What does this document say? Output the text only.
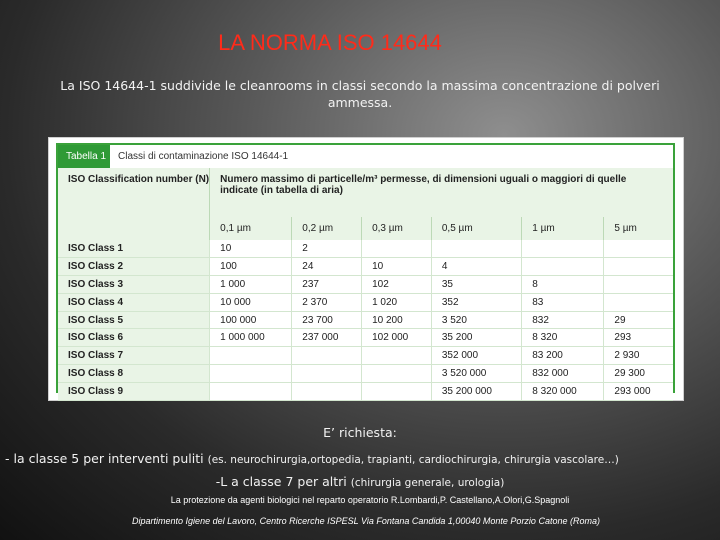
LA NORMA ISO 14644
La ISO 14644-1 suddivide le cleanrooms in classi secondo la massima concentrazione di polveri ammessa.
Tabella 1	Classi di contaminazione ISO 14644-1
ISO Classification number (N)	Numero massimo di particelle/m³ permesse, di dimensioni uguali o maggiori di quelle indicate (in tabella di aria)					
	0,1 µm	0,2 µm	0,3 µm	0,5 µm	1 µm	5 µm
ISO Class 1	10	2				
ISO Class 2	100	24	10	4		
ISO Class 3	1 000	237	102	35	8	
ISO Class 4	10 000	2 370	1 020	352	83	
ISO Class 5	100 000	23 700	10 200	3 520	832	29
ISO Class 6	1 000 000	237 000	102 000	35 200	8 320	293
ISO Class 7				352 000	83 200	2 930
ISO Class 8				3 520 000	832 000	29 300
ISO Class 9				35 200 000	8 320 000	293 000
E’ richiesta:
- la classe 5 per interventi puliti (es. neurochirurgia,ortopedia, trapianti, cardiochirurgia, chirurgia vascolare…)
-L a classe 7 per altri (chirurgia generale, urologia)
La protezione da agenti biologici nel reparto operatorio R.Lombardi,P. Castellano,A.Olori,G.Spagnoli
Dipartimento Igiene del Lavoro, Centro Ricerche ISPESL Via Fontana Candida 1,00040 Monte Porzio Catone (Roma)
